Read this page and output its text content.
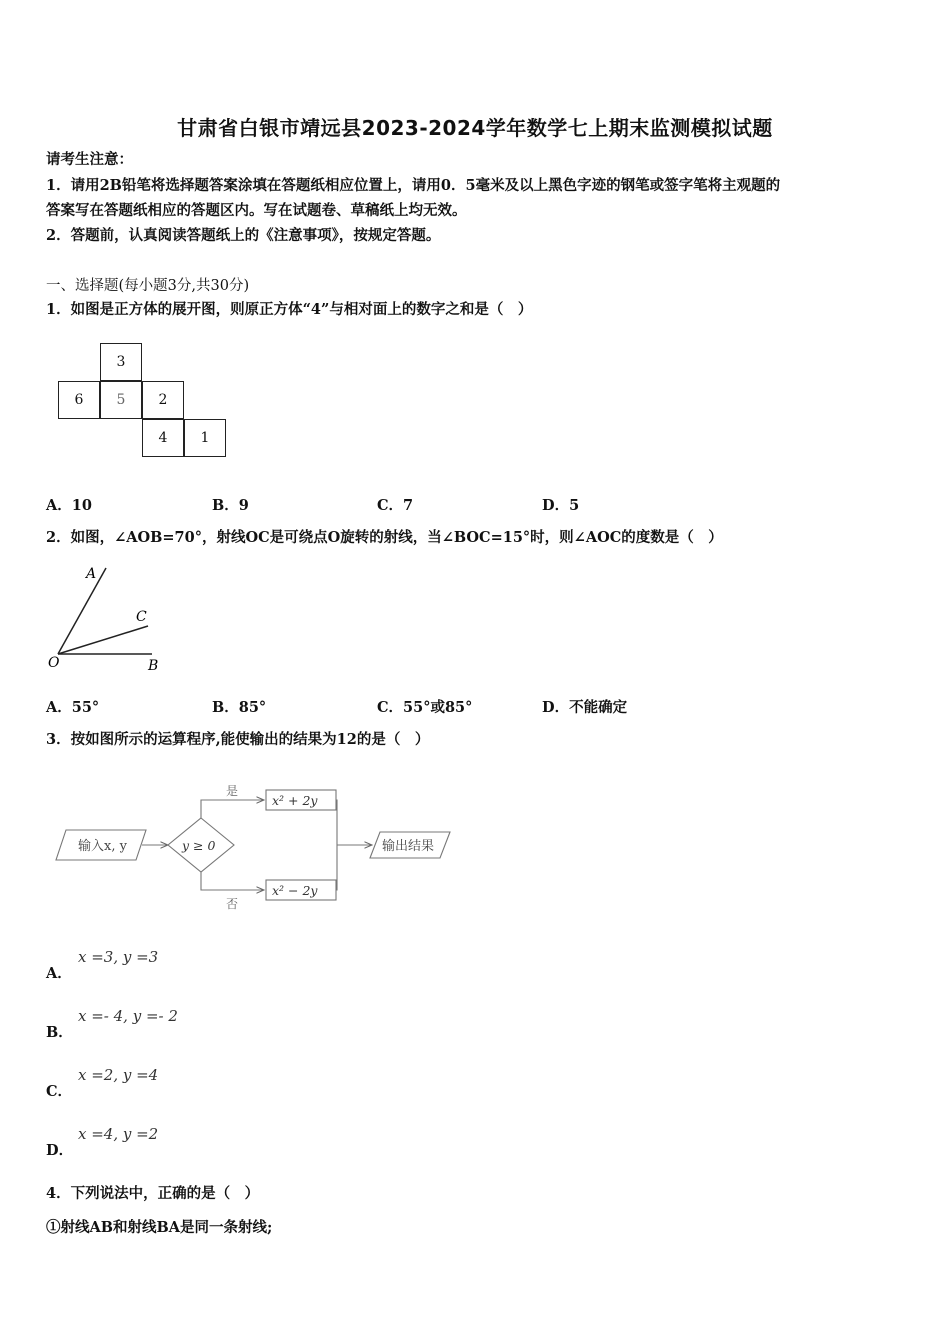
甘肃省白银市靖远县2023-2024学年数学七上期末监测模拟试题
请考生注意：
1．请用2B铅笔将选择题答案涂填在答题纸相应位置上，请用0．5毫米及以上黑色字迹的钢笔或签字笔将主观题的
答案写在答题纸相应的答题区内。写在试题卷、草稿纸上均无效。
2．答题前，认真阅读答题纸上的《注意事项》，按规定答题。
一、选择题(每小题3分,共30分)
1．如图是正方体的展开图，则原正方体“4”与相对面上的数字之和是（　）
3
6	5	2
4	1
A．10	B．9	C．7	D．5
2．如图，∠AOB=70°，射线OC是可绕点O旋转的射线，当∠BOC=15°时，则∠AOC的度数是（　）
A
C
O	B
A．55°	B．85°	C．55°或85°	D．不能确定
3．按如图所示的运算程序,能使输出的结果为12的是（　）
输入x, y	y ≥ 0
是
否
x² + 2y
x² − 2y
输出结果
x =3, y =3
A．
x =- 4, y =- 2
B．
x =2, y =4
C．
x =4, y =2
D．
4．下列说法中，正确的是（　）
①射线AB和射线BA是同一条射线;
